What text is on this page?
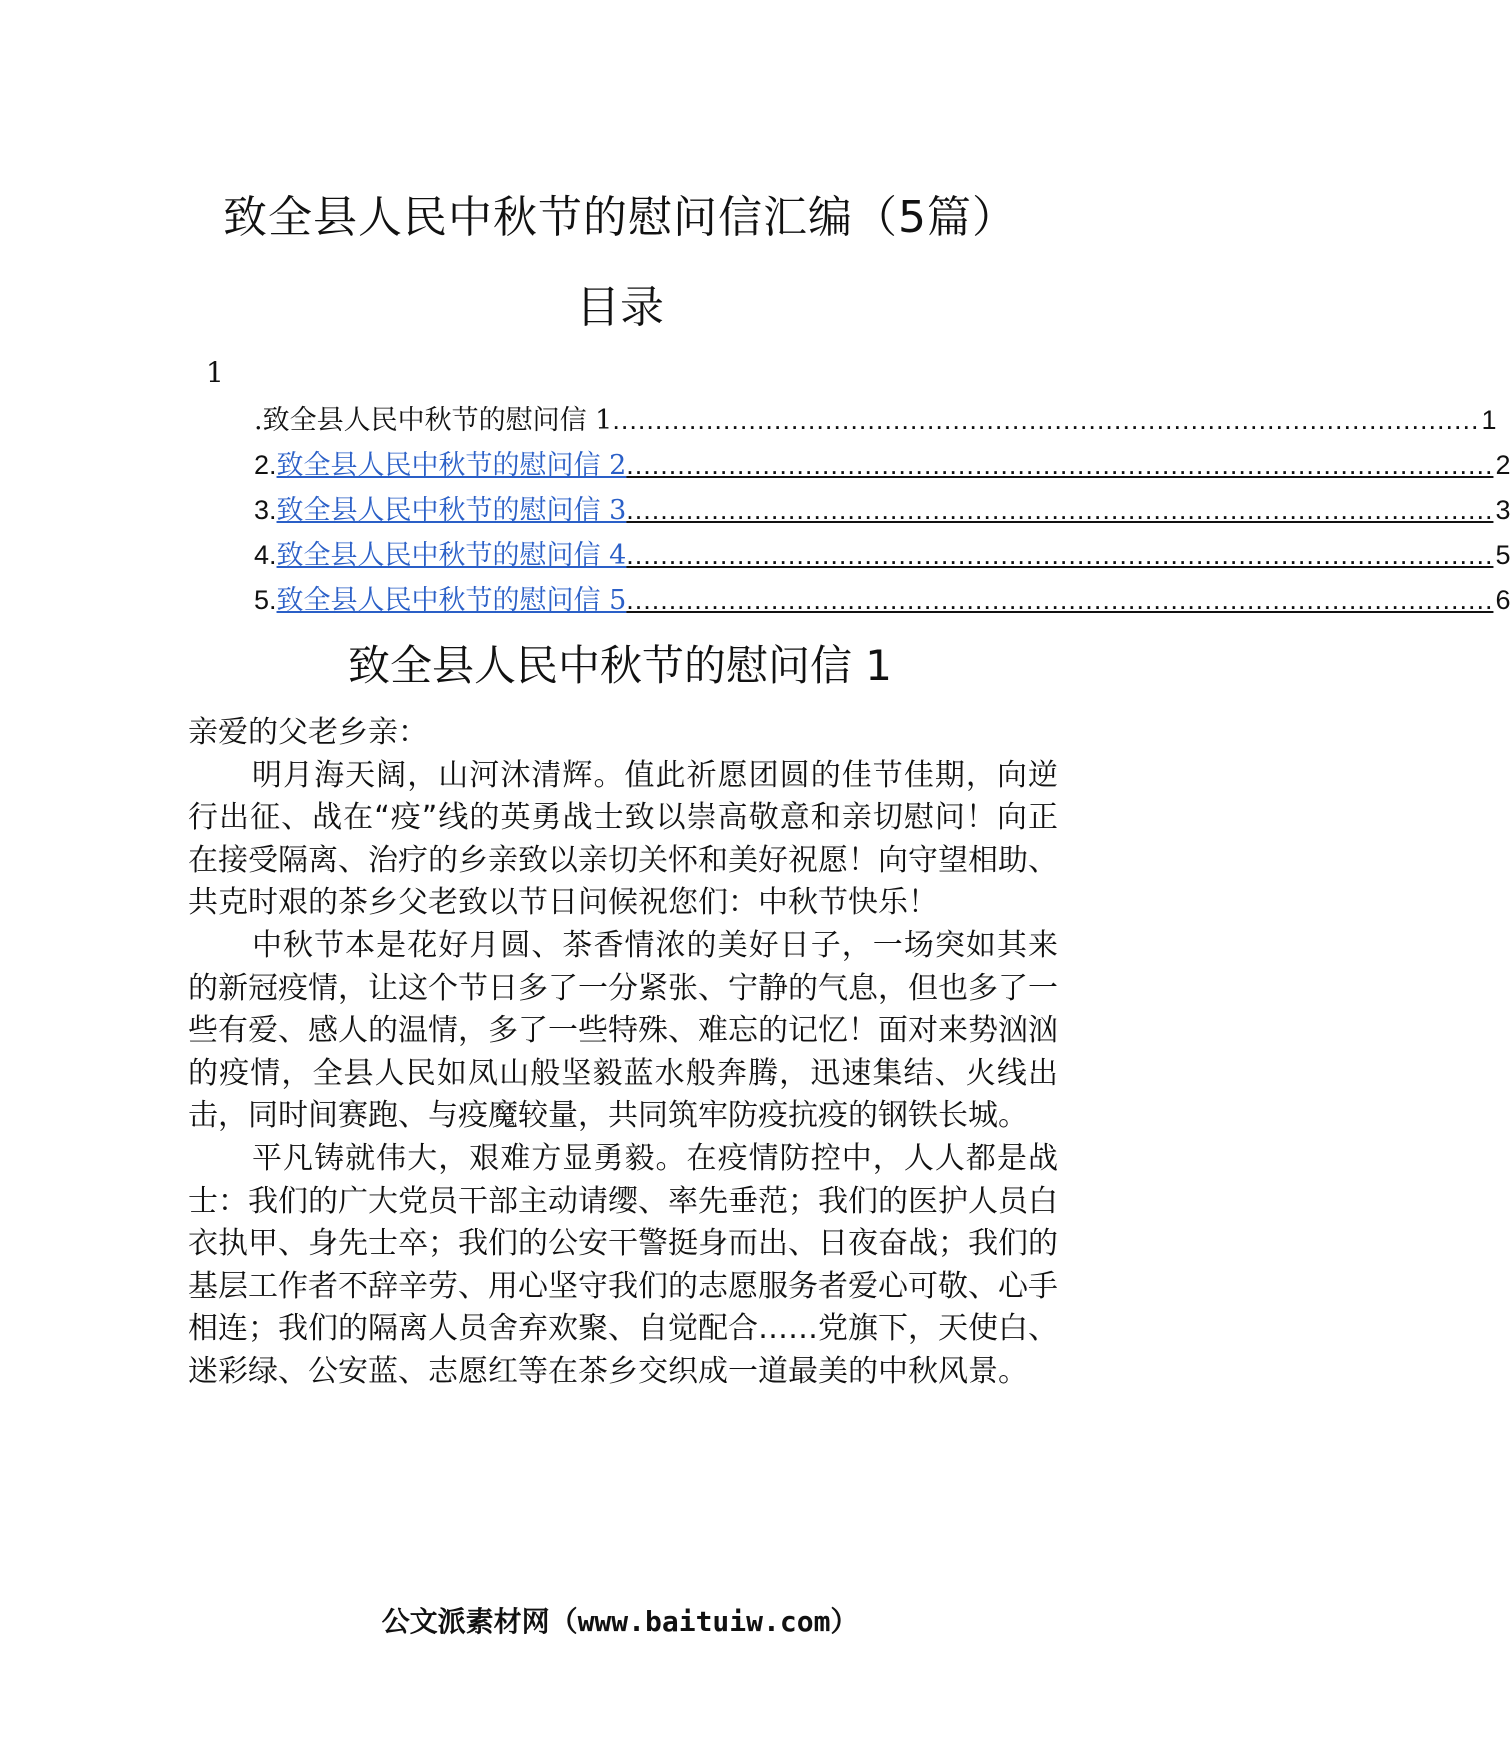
致全县人民中秋节的慰问信汇编（5篇）
目录
1
.致全县人民中秋节的慰问信 1 ...................................................................................................... 1
2. 致全县人民中秋节的慰问信 2 ...................................................................................................... 2
3. 致全县人民中秋节的慰问信 3 ...................................................................................................... 3
4. 致全县人民中秋节的慰问信 4 ...................................................................................................... 5
5. 致全县人民中秋节的慰问信 5 ...................................................................................................... 6
致全县人民中秋节的慰问信 1

亲爱的父老乡亲：

明月海天阔，山河沐清辉。值此祈愿团圆的佳节佳期，向逆行出征、战在“疫”线的英勇战士致以崇高敬意和亲切慰问！向正在接受隔离、治疗的乡亲致以亲切关怀和美好祝愿！向守望相助、共克时艰的茶乡父老致以节日问候祝您们：中秋节快乐！

中秋节本是花好月圆、茶香情浓的美好日子，一场突如其来的新冠疫情，让这个节日多了一分紧张、宁静的气息，但也多了一些有爱、感人的温情，多了一些特殊、难忘的记忆！面对来势汹汹的疫情，全县人民如凤山般坚毅蓝水般奔腾，迅速集结、火线出击，同时间赛跑、与疫魔较量，共同筑牢防疫抗疫的钢铁长城。

平凡铸就伟大，艰难方显勇毅。在疫情防控中，人人都是战士：我们的广大党员干部主动请缨、率先垂范；我们的医护人员白衣执甲、身先士卒；我们的公安干警挺身而出、日夜奋战；我们的基层工作者不辞辛劳、用心坚守我们的志愿服务者爱心可敬、心手相连；我们的隔离人员舍弃欢聚、自觉配合……党旗下，天使白、迷彩绿、公安蓝、志愿红等在茶乡交织成一道最美的中秋风景。

公文派素材网（www.baituiw.com）
